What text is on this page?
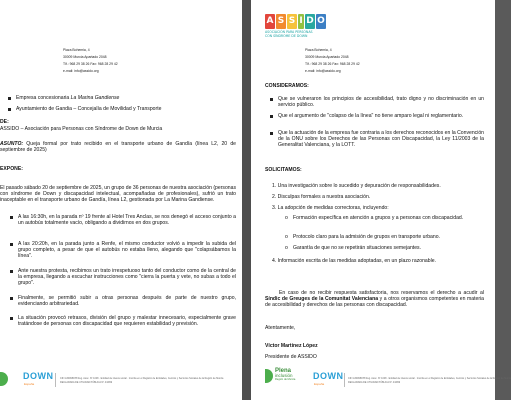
Plaza Bohemia, 4
30009 Murcia Apartado 2048
Tlf.: 968 29 38 26 Fax: 968 28 29 42
e-mail: info@assido.org
Empresa concesionaria La Marina Gandiense
Ayuntamiento de Gandia – Concejalía de Movilidad y Transporte
DE:
ASSIDO – Asociación para Personas con Síndrome de Down de Murcia
ASUNTO: Queja formal por trato recibido en el transporte urbano de Gandía (línea L2, 20 de septiembre de 2025)
EXPONE:
El pasado sábado 20 de septiembre de 2025, un grupo de 36 personas de nuestra asociación (personas con síndrome de Down y discapacidad intelectual, acompañadas de profesionales), sufrió un trato inaceptable en el transporte urbano de Gandía, línea L2, gestionada por La Marina Gandiense.
A las 16:30h, en la parada nº 19 frente al Hotel Tres Anclas, se nos denegó el acceso conjunto a un autobús totalmente vacío, obligando a dividirnos en dos grupos.
A las 20:20h, en la parada junto a Renfe, el mismo conductor volvió a impedir la subida del grupo completo, a pesar de que el autobús no estaba lleno, alegando que "colapsábamos la línea".
Ante nuestra protesta, recibimos un trato irrespetuoso tanto del conductor como de la central de la empresa, llegando a escuchar instrucciones como "cierra la puerta y vete, no subas a todo el grupo".
Finalmente, se permitió subir a otras personas después de parte de nuestro grupo, evidenciando arbitrariedad.
La situación provocó retrasos, división del grupo y malestar innecesario, especialmente grave tratándose de personas con discapacidad que requieren estabilidad y previsión.
DOWN
España
CIF G30068078 Reg. Asoc. Nº 1048 · Entidad de interés social · Inscrita en el Registro de Entidades, Centros y Servicios Sociales de la Región de Murcia
DECLARADA DE UTILIDAD PÚBLICA Nº 4/1999
A S S I D O
ASOCIACIÓN PARA PERSONAS
CON SÍNDROME DE DOWN
Plaza Bohemia, 4
30009 Murcia Apartado 2048
Tlf.: 968 29 38 26 Fax: 968 28 29 42
e-mail: info@assido.org
CONSIDERAMOS:
Que se vulneraron los principios de accesibilidad, trato digno y no discriminación en un servicio público.
Que el argumento de "colapso de la línea" no tiene amparo legal ni reglamentario.
Que la actuación de la empresa fue contraria a los derechos reconocidos en la Convención de la ONU sobre los Derechos de las Personas con Discapacidad, la Ley 11/2003 de la Generalitat Valenciana, y la LOTT.
SOLICITAMOS:
1. Una investigación sobre lo sucedido y depuración de responsabilidades.
2. Disculpas formales a nuestra asociación.
3. La adopción de medidas correctoras, incluyendo:
o Formación específica en atención a grupos y a personas con discapacidad.
o Protocolo claro para la admisión de grupos en transporte urbano.
o Garantía de que no se repetirán situaciones semejantes.
4. Información escrita de las medidas adoptadas, en un plazo razonable.
En caso de no recibir respuesta satisfactoria, nos reservamos el derecho a acudir al Síndic de Greuges de la Comunitat Valenciana y a otros organismos competentes en materia de accesibilidad y derechos de las personas con discapacidad.
Atentamente,
Víctor Martínez López
Presidente de ASSIDO
Plena
inclusión
Región de Murcia DOWN
España
CIF G30068078 Reg. Asoc. Nº 1048 · Entidad de interés social · Inscrita en el Registro de Entidades, Centros y Servicios Sociales de la Región de Murcia
DECLARADA DE UTILIDAD PÚBLICA Nº 4/1999
